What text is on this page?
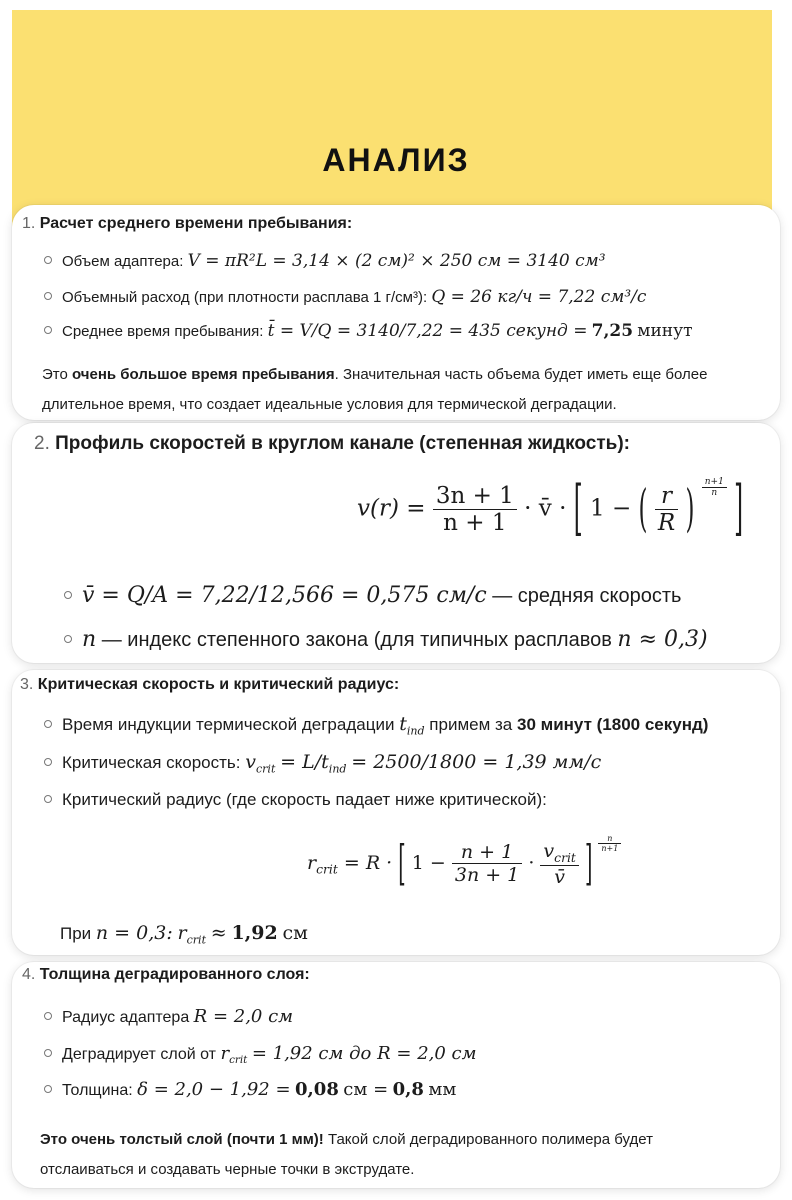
АНАЛИЗ
1. Расчет среднего времени пребывания:
Объем адаптера: V = πR²L = 3,14 × (2 см)² × 250 см = 3140 см³
Объемный расход (при плотности расплава 1 г/см³): Q = 26 кг/ч = 7,22 см³/с
Среднее время пребывания: t̄ = V/Q = 3140/7,22 = 435 секунд = 7,25 минут
Это очень большое время пребывания. Значительная часть объема будет иметь еще более
длительное время, что создает идеальные условия для термической деградации.
2. Профиль скоростей в круглом канале (степенная жидкость):
$v(r) = \frac{3n + 1}{n + 1}$ · v̄ · [ 1 − ( $\frac{r}{R}$ ) $\frac{n+1}{n}$ ]
v̄ = Q/A = 7,22/12,566 = 0,575 см/с — средняя скорость
n — индекс степенного закона (для типичных расплавов n ≈ 0,3)
3. Критическая скорость и критический радиус:
Время индукции термической деградации $t_{ind}$ примем за 30 минут (1800 секунд)
Критическая скорость: $v_{crit} = L/t_{ind} = 2500/1800 = 1,39$ мм/с
Критический радиус (где скорость падает ниже критической):
$r_{crit} = R$ · [ $1 - \frac{n + 1}{3n + 1} \cdot \frac{v_{crit}}{v̄}$ ] $\frac{n}{n+1}$
При n = 0,3: $r_{crit} \approx 1,92$ см
4. Толщина деградированного слоя:
Радиус адаптера R = 2,0 см
Деградирует слой от $r_{crit} = 1,92$ см до R = 2,0 см
Толщина: δ = 2,0 − 1,92 = 0,08 см = 0,8 мм
Это очень толстый слой (почти 1 мм)! Такой слой деградированного полимера будет
отслаиваться и создавать черные точки в экструдате.
